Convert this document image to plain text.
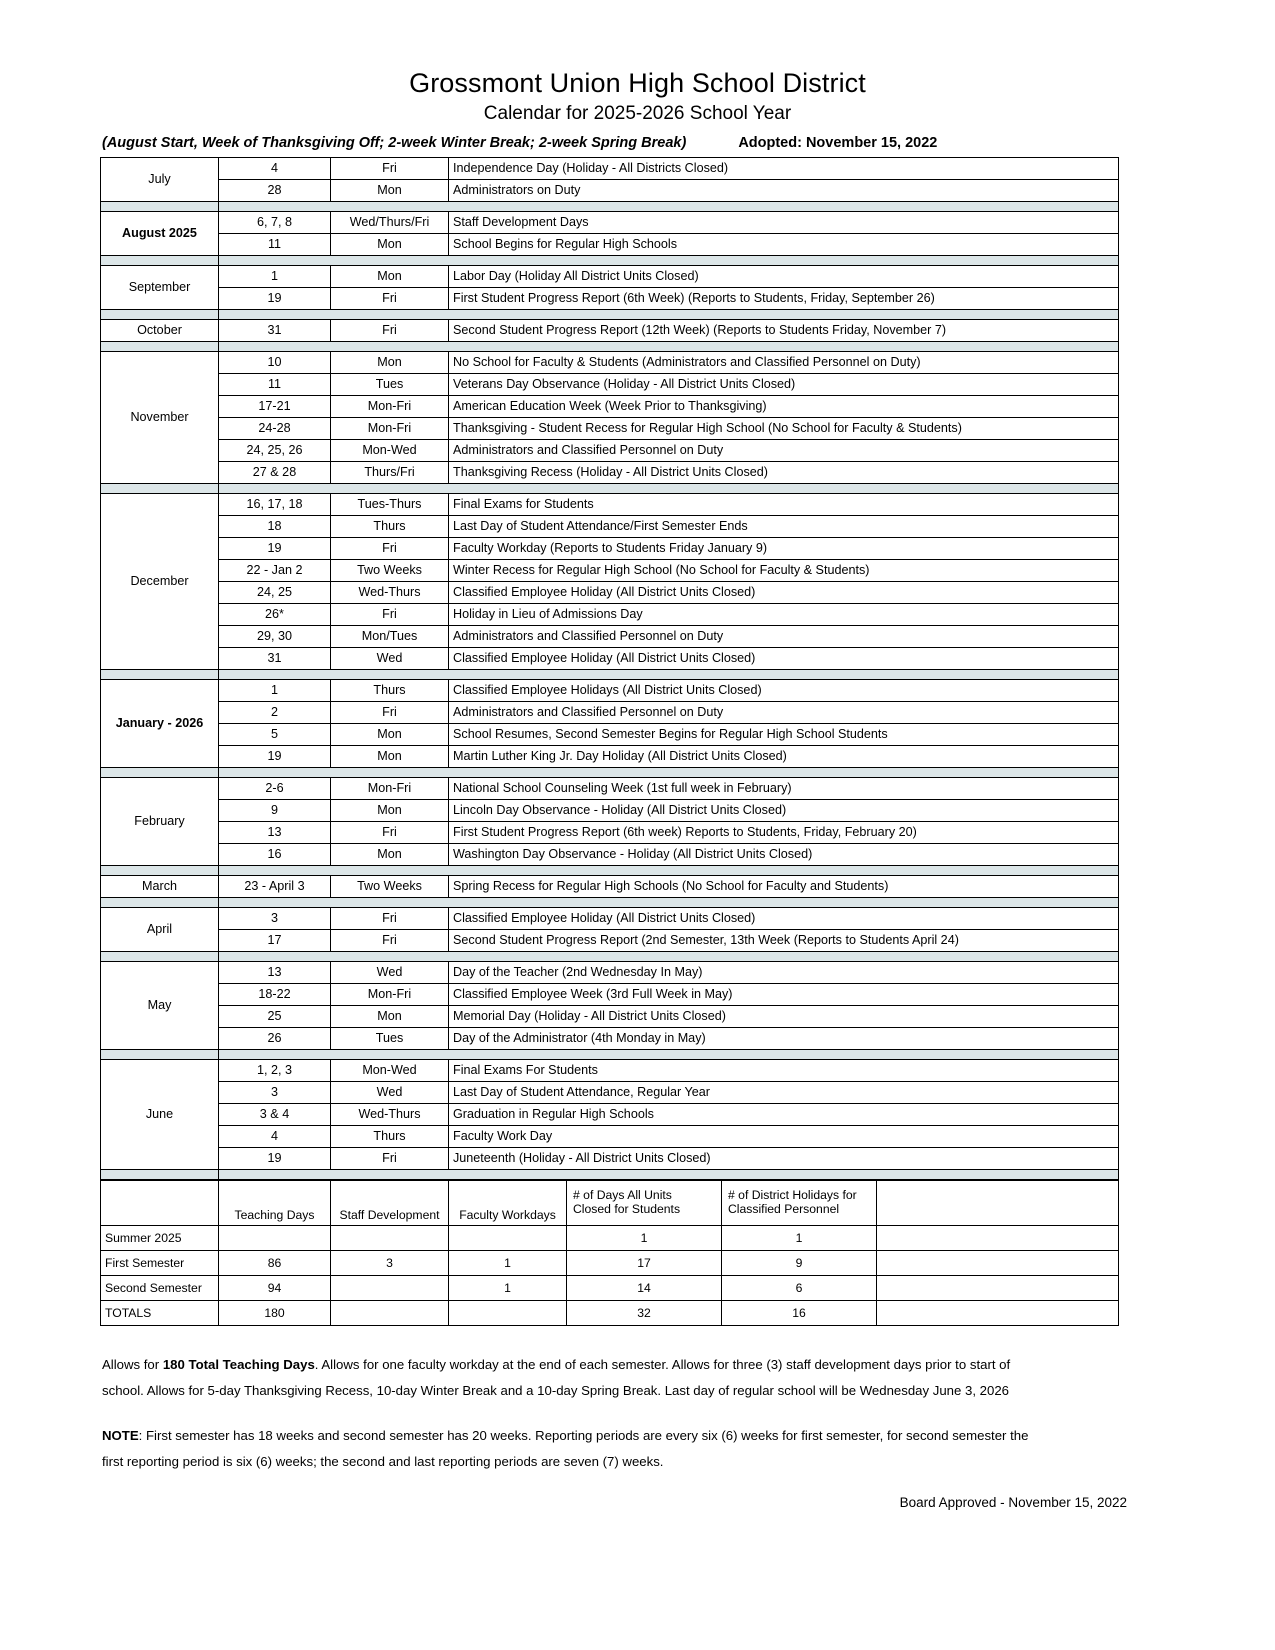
Grossmont Union High School District
Calendar for 2025-2026 School Year
(August Start, Week of Thanksgiving Off; 2-week Winter Break; 2-week Spring Break)	Adopted: November 15, 2022
July	4	Fri	Independence Day (Holiday - All Districts Closed)
	28	Mon	Administrators on Duty

August 2025	6, 7, 8	Wed/Thurs/Fri	Staff Development Days
	11	Mon	School Begins for Regular High Schools

September	1	Mon	Labor Day (Holiday All District Units Closed)
	19	Fri	First Student Progress Report (6th Week) (Reports to Students, Friday, September 26)

October	31	Fri	Second Student Progress Report (12th Week) (Reports to Students Friday, November 7)

November	10	Mon	No School for Faculty & Students (Administrators and Classified Personnel on Duty)
	11	Tues	Veterans Day Observance (Holiday - All District Units Closed)
	17-21	Mon-Fri	American Education Week (Week Prior to Thanksgiving)
	24-28	Mon-Fri	Thanksgiving - Student Recess for Regular High School (No School for Faculty & Students)
	24, 25, 26	Mon-Wed	Administrators and Classified Personnel on Duty
	27 & 28	Thurs/Fri	Thanksgiving Recess (Holiday - All District Units Closed)

December	16, 17, 18	Tues-Thurs	Final Exams for Students
	18	Thurs	Last Day of Student Attendance/First Semester Ends
	19	Fri	Faculty Workday (Reports to Students Friday January 9)
	22 - Jan 2	Two Weeks	Winter Recess for Regular High School (No School for Faculty & Students)
	24, 25	Wed-Thurs	Classified Employee Holiday (All District Units Closed)
	26*	Fri	Holiday in Lieu of Admissions Day
	29, 30	Mon/Tues	Administrators and Classified Personnel on Duty
	31	Wed	Classified Employee Holiday (All District Units Closed)

January - 2026	1	Thurs	Classified Employee Holidays (All District Units Closed)
	2	Fri	Administrators and Classified Personnel on Duty
	5	Mon	School Resumes, Second Semester Begins for Regular High School Students
	19	Mon	Martin Luther King Jr. Day Holiday (All District Units Closed)

February	2-6	Mon-Fri	National School Counseling Week (1st full week in February)
	9	Mon	Lincoln Day Observance - Holiday (All District Units Closed)
	13	Fri	First Student Progress Report (6th week) Reports to Students, Friday, February 20)
	16	Mon	Washington Day Observance - Holiday (All District Units Closed)

March	23 - April 3	Two Weeks	Spring Recess for Regular High Schools (No School for Faculty and Students)

April	3	Fri	Classified Employee Holiday (All District Units Closed)
	17	Fri	Second Student Progress Report (2nd Semester, 13th Week (Reports to Students April 24)

May	13	Wed	Day of the Teacher (2nd Wednesday In May)
	18-22	Mon-Fri	Classified Employee Week (3rd Full Week in May)
	25	Mon	Memorial Day (Holiday - All District Units Closed)
	26	Tues	Day of the Administrator (4th Monday in May)

June	1, 2, 3	Mon-Wed	Final Exams For Students
	3	Wed	Last Day of Student Attendance, Regular Year
	3 & 4	Wed-Thurs	Graduation in Regular High Schools
	4	Thurs	Faculty Work Day
	19	Fri	Juneteenth (Holiday - All District Units Closed)

	Teaching Days	Staff Development	Faculty Workdays	
# of Days All Units
Closed for Students

# of District Holidays for
Classified Personnel

Summer 2025				1	1	
First Semester	86	3	1	17	9	
Second Semester	94		1	14	6	
TOTALS	180			32	16	

Allows for 180 Total Teaching Days. Allows for one faculty workday at the end of each semester. Allows for three (3) staff development days prior to start of school. Allows for 5-day Thanksgiving Recess, 10-day Winter Break and a 10-day Spring Break. Last day of regular school will be Wednesday June 3, 2026

NOTE: First semester has 18 weeks and second semester has 20 weeks. Reporting periods are every six (6) weeks for first semester, for second semester the first reporting period is six (6) weeks; the second and last reporting periods are seven (7) weeks.

Board Approved - November 15, 2022
